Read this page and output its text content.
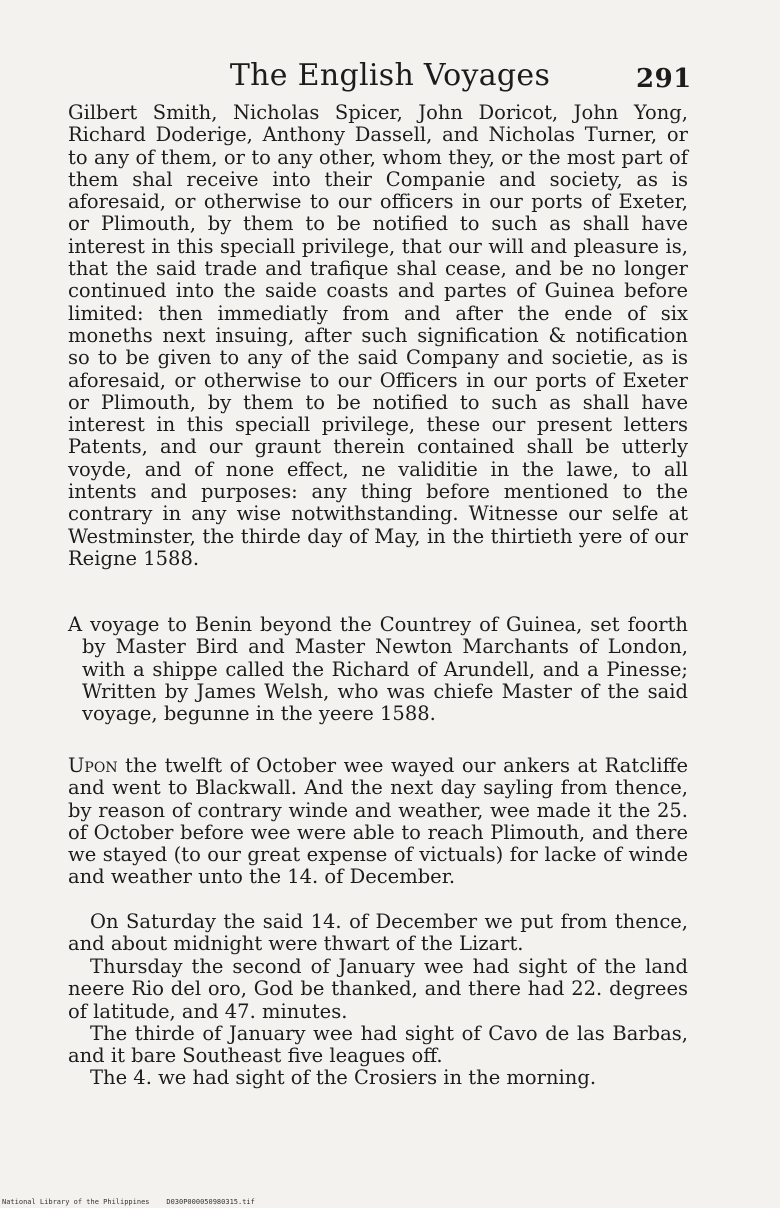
The English Voyages	291

Gilbert Smith, Nicholas Spicer, John Doricot, John Yong, Richard Doderige, Anthony Dassell, and Nicholas Turner, or to any of them, or to any other, whom they, or the most part of them shal receive into their Companie and society, as is aforesaid, or otherwise to our officers in our ports of Exeter, or Plimouth, by them to be notified to such as shall have interest in this speciall privilege, that our will and pleasure is, that the said trade and trafique shal cease, and be no longer continued into the saide coasts and partes of Guinea before limited: then immediatly from and after the ende of six moneths next insuing, after such signification & notification so to be given to any of the said Company and societie, as is aforesaid, or otherwise to our Officers in our ports of Exeter or Plimouth, by them to be notified to such as shall have interest in this speciall privilege, these our present letters Patents, and our graunt therein contained shall be utterly voyde, and of none effect, ne validitie in the lawe, to all intents and purposes: any thing before mentioned to the contrary in any wise notwithstanding. Witnesse our selfe at Westminster, the thirde day of May, in the thirtieth yere of our Reigne 1588.

A voyage to Benin beyond the Countrey of Guinea, set foorth by Master Bird and Master Newton Marchants of London, with a shippe called the Richard of Arundell, and a Pinesse; Written by James Welsh, who was chiefe Master of the said voyage, begunne in the yeere 1588.

Upon the twelft of October wee wayed our ankers at Ratcliffe and went to Blackwall. And the next day sayling from thence, by reason of contrary winde and weather, wee made it the 25. of October before wee were able to reach Plimouth, and there we stayed (to our great expense of victuals) for lacke of winde and weather unto the 14. of December.

On Saturday the said 14. of December we put from thence, and about midnight were thwart of the Lizart.

Thursday the second of January wee had sight of the land neere Rio del oro, God be thanked, and there had 22. degrees of latitude, and 47. minutes.

The thirde of January wee had sight of Cavo de las Barbas, and it bare Southeast five leagues off.

The 4. we had sight of the Crosiers in the morning.

National Library of the Philippines    D030P000050980315.tif
